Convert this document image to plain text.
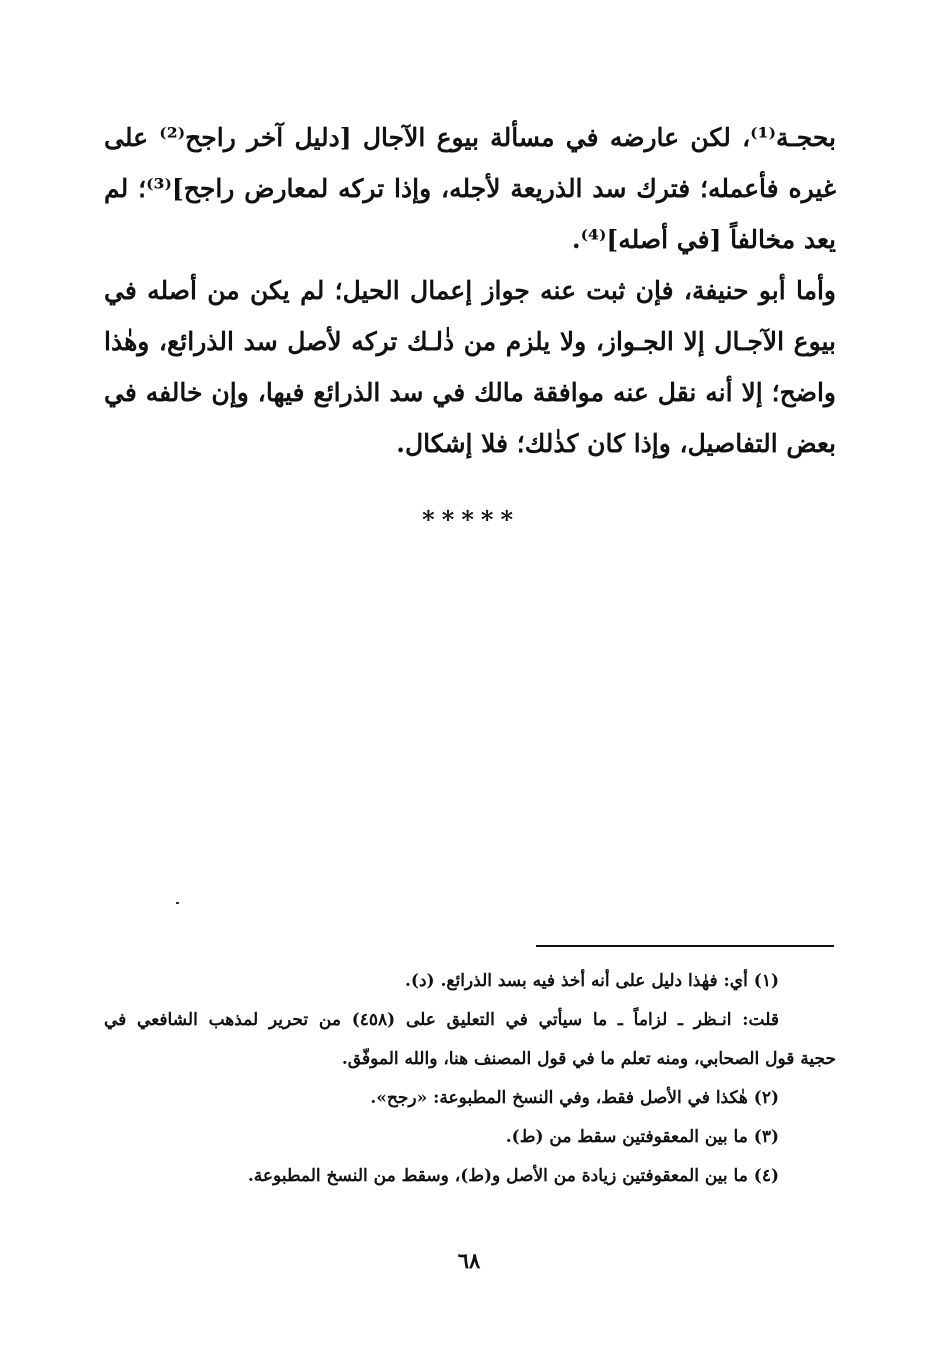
بحجـة⁽¹⁾، لكن عارضه في مسألة بيوع الآجال [دليل آخر راجح⁽²⁾ على غيره فأعمله؛ فترك سد الذريعة لأجله، وإذا تركه لمعارض راجح]⁽³⁾؛ لم يعد مخالفاً [في أصله]⁽⁴⁾.

وأما أبو حنيفة، فإن ثبت عنه جواز إعمال الحيل؛ لم يكن من أصله في بيوع الآجـال إلا الجـواز، ولا يلزم من ذٰلـك تركه لأصل سد الذرائع، وهٰذا واضح؛ إلا أنه نقل عنه موافقة مالك في سد الذرائع فيها، وإن خالفه في بعض التفاصيل، وإذا كان كذٰلك؛ فلا إشكال.

∗∗∗∗∗

(١) أي: فهٰذا دليل على أنه أخذ فيه بسد الذرائع. (د).
قلت: انـظر ـ لزاماً ـ ما سيأتي في التعليق على (٤٥٨) من تحرير لمذهب الشافعي في
حجية قول الصحابي، ومنه تعلم ما في قول المصنف هنا، والله الموفّق.
(٢) هٰكذا في الأصل فقط، وفي النسخ المطبوعة: «رجح».
(٣) ما بين المعقوفتين سقط من (ط).
(٤) ما بين المعقوفتين زيادة من الأصل و(ط)، وسقط من النسخ المطبوعة.

٦٨
